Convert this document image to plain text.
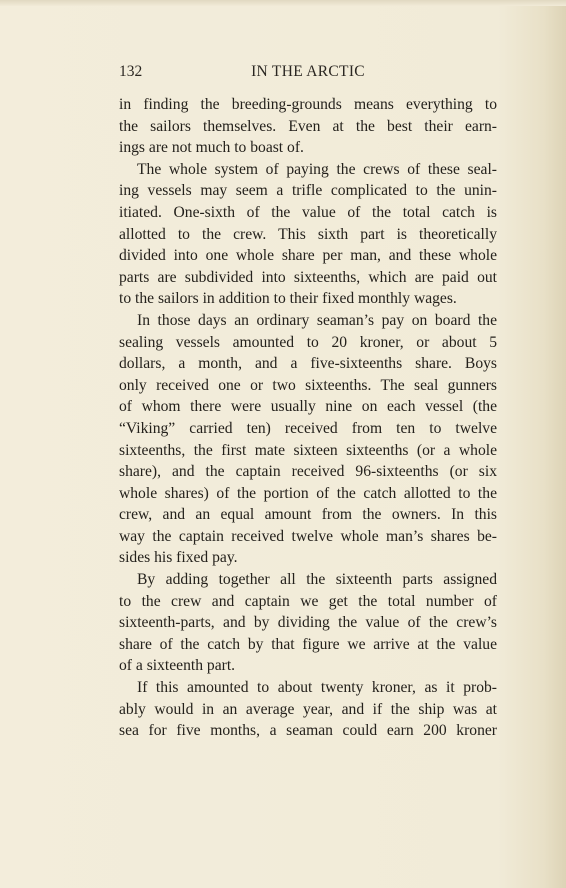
132	IN THE ARCTIC
in finding the breeding-grounds means everything to
the sailors themselves. Even at the best their earn-
ings are not much to boast of.
The whole system of paying the crews of these seal-
ing vessels may seem a trifle complicated to the unin-
itiated. One-sixth of the value of the total catch is
allotted to the crew. This sixth part is theoretically
divided into one whole share per man, and these whole
parts are subdivided into sixteenths, which are paid out
to the sailors in addition to their fixed monthly wages.
In those days an ordinary seaman’s pay on board the
sealing vessels amounted to 20 kroner, or about 5
dollars, a month, and a five-sixteenths share. Boys
only received one or two sixteenths. The seal gunners
of whom there were usually nine on each vessel (the
“Viking” carried ten) received from ten to twelve
sixteenths, the first mate sixteen sixteenths (or a whole
share), and the captain received 96-sixteenths (or six
whole shares) of the portion of the catch allotted to the
crew, and an equal amount from the owners. In this
way the captain received twelve whole man’s shares be-
sides his fixed pay.
By adding together all the sixteenth parts assigned
to the crew and captain we get the total number of
sixteenth-parts, and by dividing the value of the crew’s
share of the catch by that figure we arrive at the value
of a sixteenth part.
If this amounted to about twenty kroner, as it prob-
ably would in an average year, and if the ship was at
sea for five months, a seaman could earn 200 kroner
